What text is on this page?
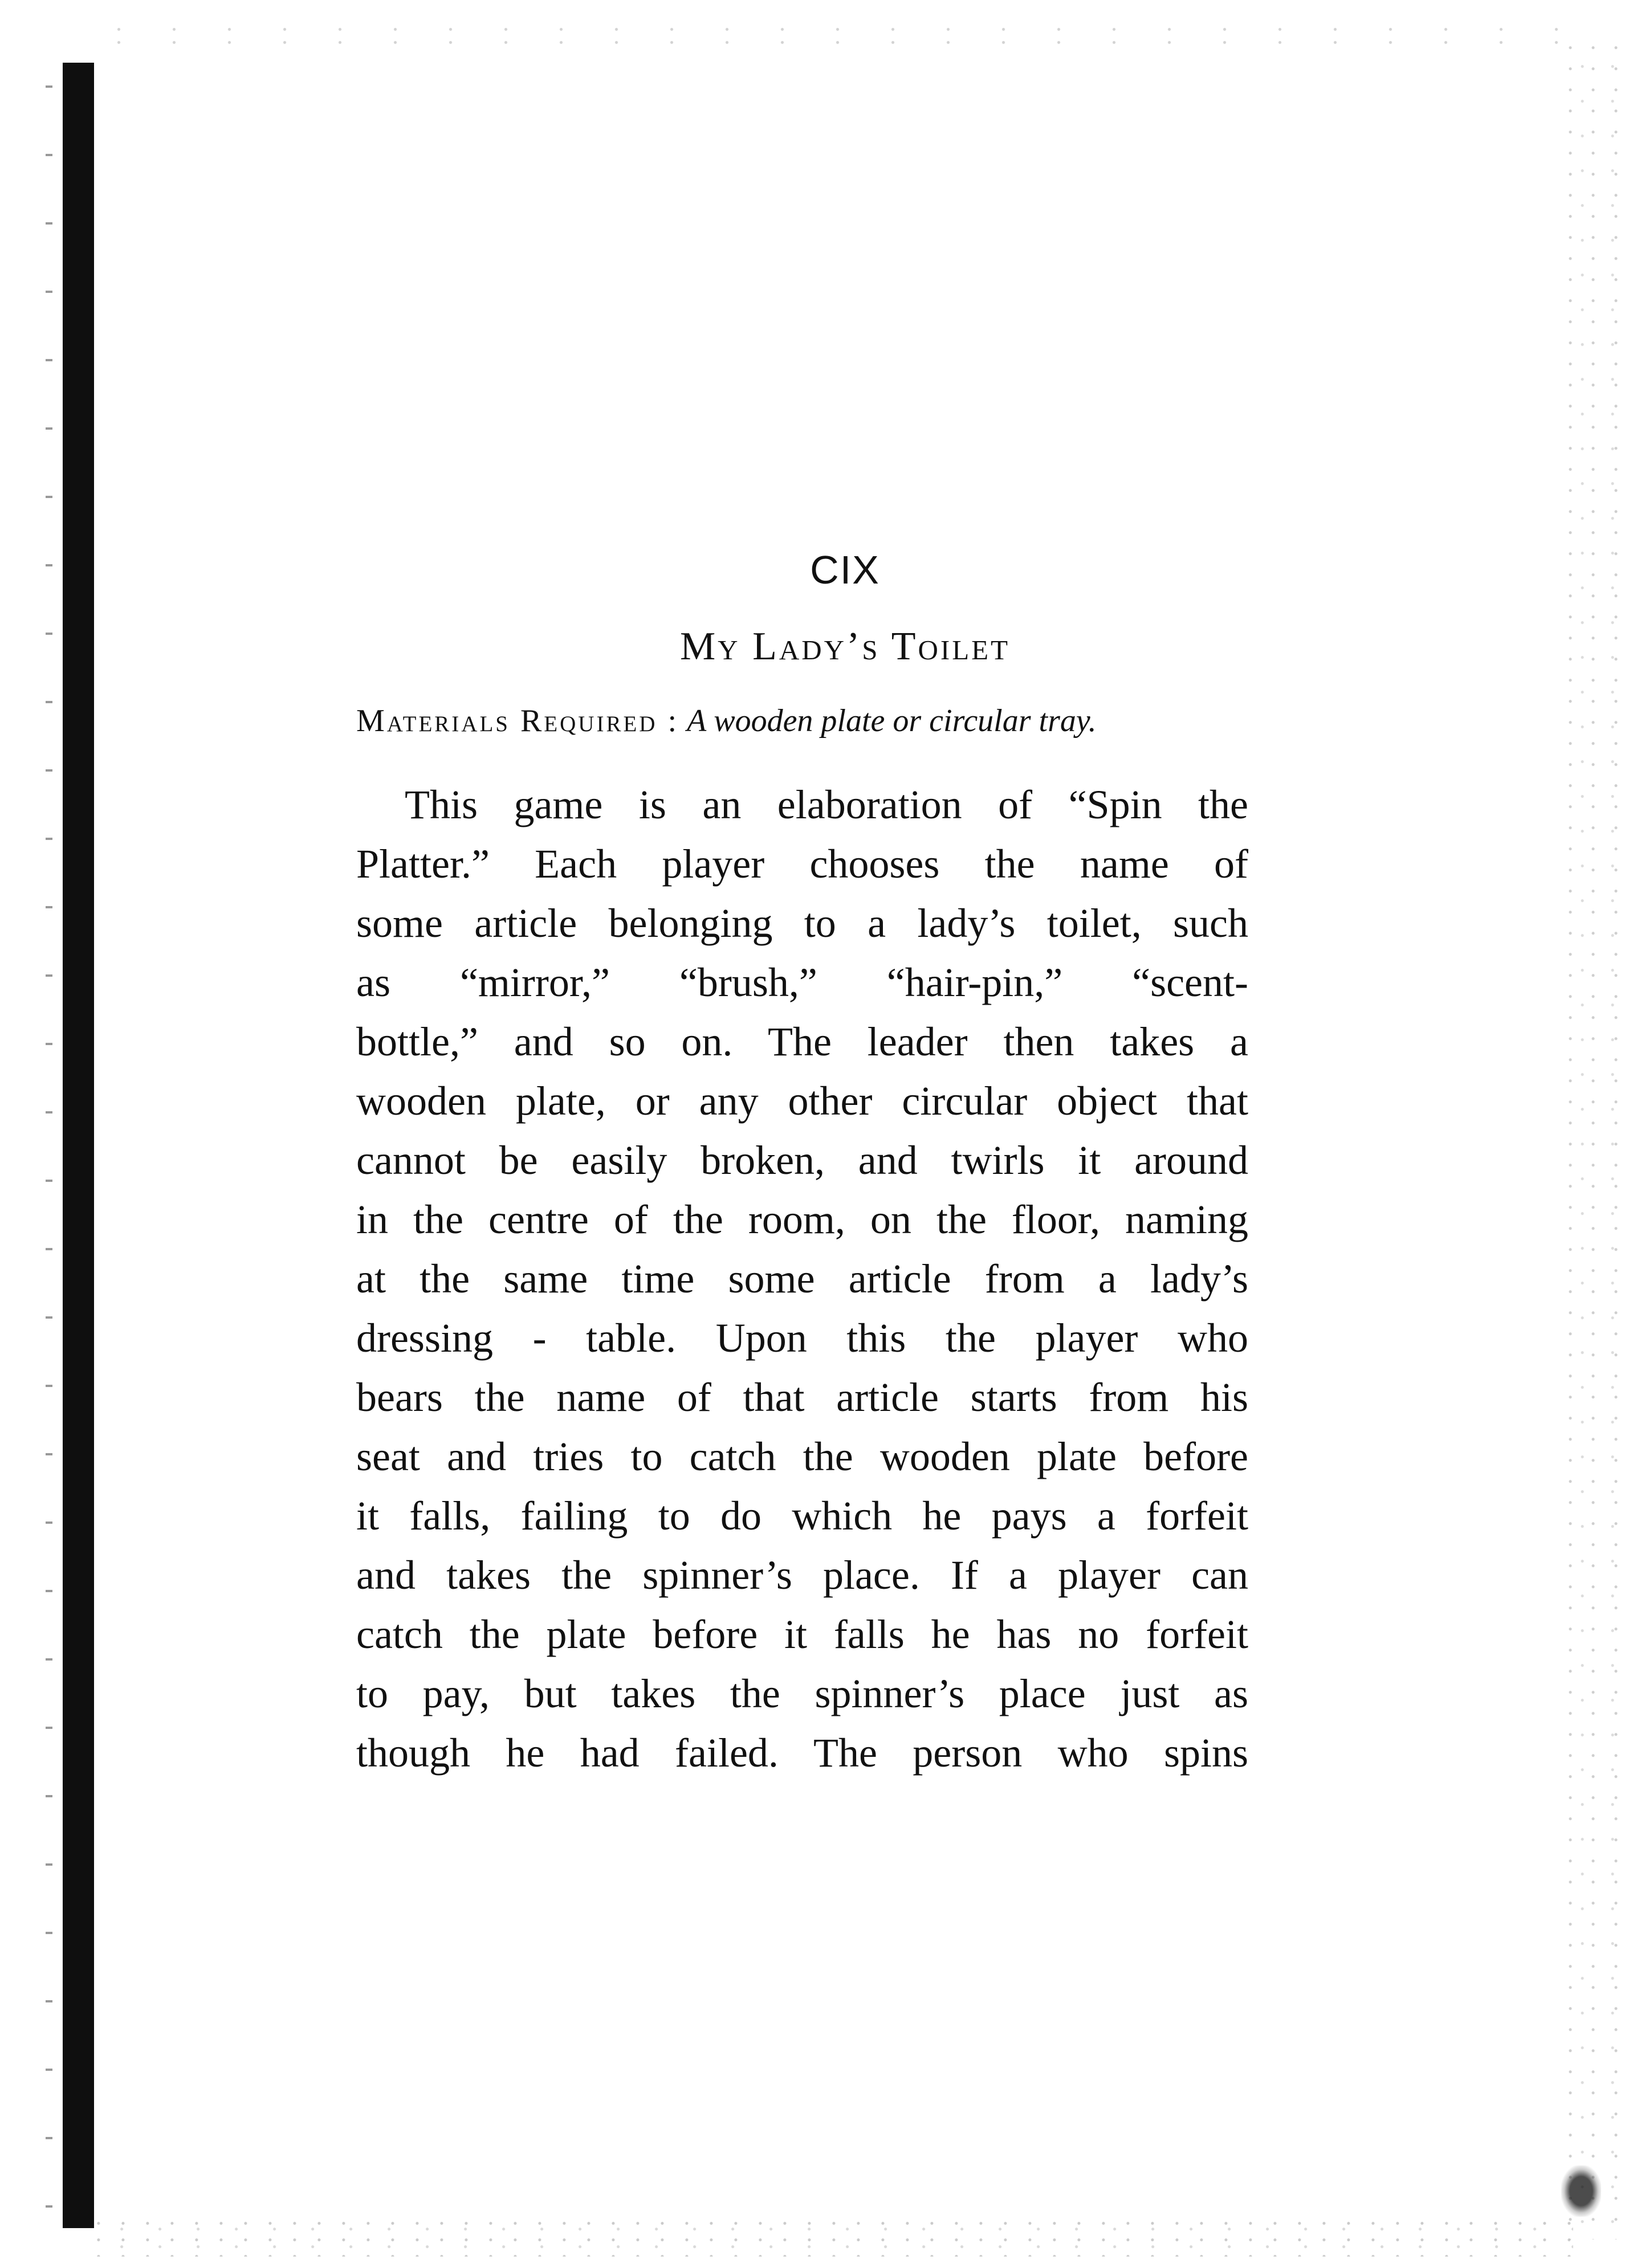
CIX
My Lady’s Toilet

Materials Required : A wooden plate or circular tray.

This game is an elaboration of “Spin the
Platter.” Each player chooses the name of
some article belonging to a lady’s toilet, such
as “mirror,” “brush,” “hair-pin,” “scent-
bottle,” and so on. The leader then takes a
wooden plate, or any other circular object that
cannot be easily broken, and twirls it around
in the centre of the room, on the floor, naming
at the same time some article from a lady’s
dressing - table. Upon this the player who
bears the name of that article starts from his
seat and tries to catch the wooden plate before
it falls, failing to do which he pays a forfeit
and takes the spinner’s place. If a player can
catch the plate before it falls he has no forfeit
to pay, but takes the spinner’s place just as
though he had failed. The person who spins
